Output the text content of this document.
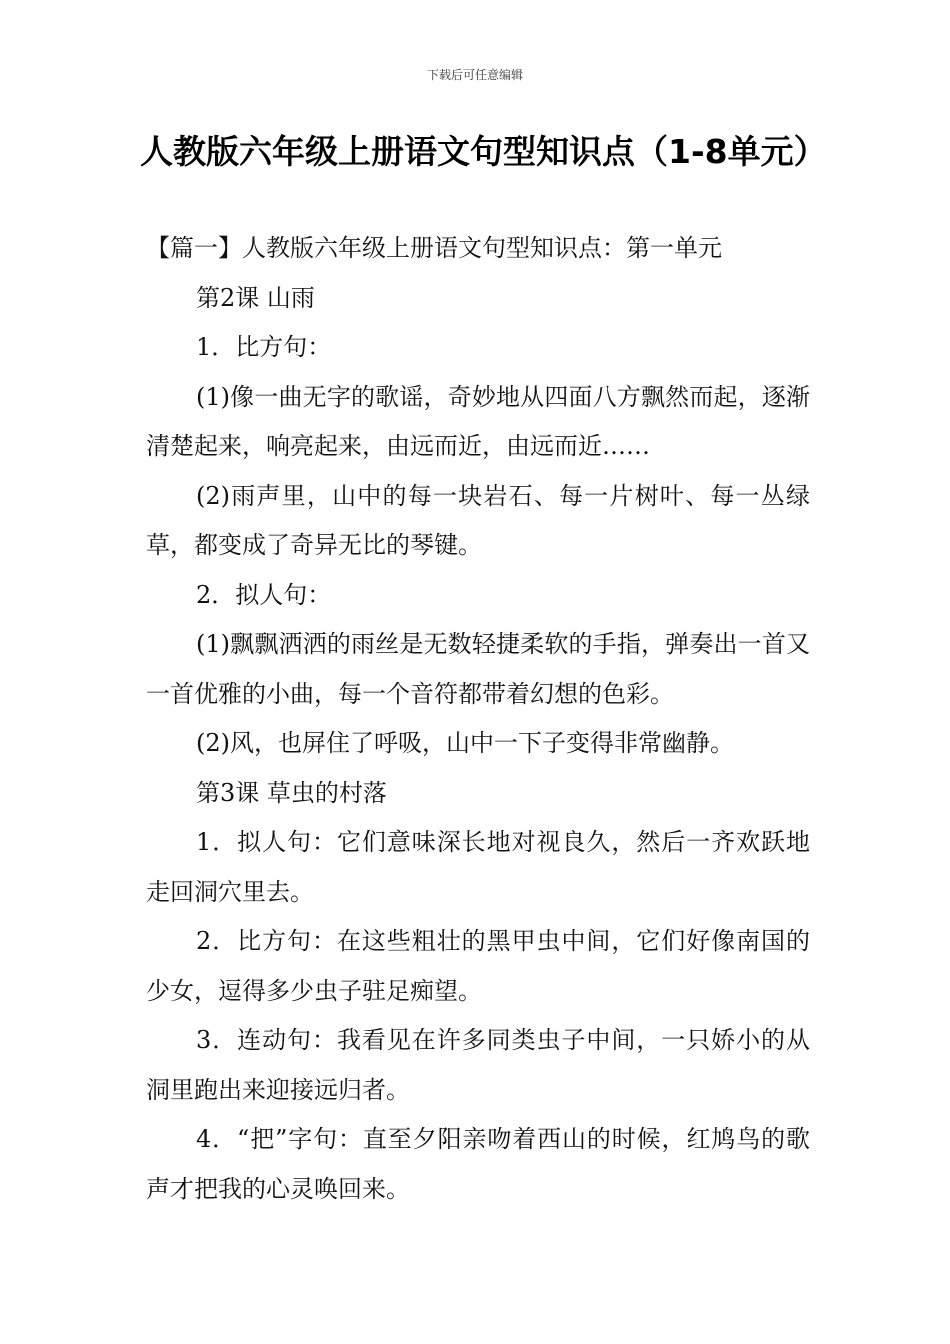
下载后可任意编辑
人教版六年级上册语文句型知识点（1-8单元）

【篇一】人教版六年级上册语文句型知识点：第一单元

第2课 山雨

1．比方句：

(1)像一曲无字的歌谣，奇妙地从四面八方飘然而起，逐渐清楚起来，响亮起来，由远而近，由远而近……

(2)雨声里，山中的每一块岩石、每一片树叶、每一丛绿草，都变成了奇异无比的琴键。

2．拟人句：

(1)飘飘洒洒的雨丝是无数轻捷柔软的手指，弹奏出一首又一首优雅的小曲，每一个音符都带着幻想的色彩。

(2)风，也屏住了呼吸，山中一下子变得非常幽静。

第3课 草虫的村落

1．拟人句：它们意味深长地对视良久，然后一齐欢跃地走回洞穴里去。

2．比方句：在这些粗壮的黑甲虫中间，它们好像南国的少女，逗得多少虫子驻足痴望。

3．连动句：我看见在许多同类虫子中间，一只娇小的从洞里跑出来迎接远归者。

4．“把”字句：直至夕阳亲吻着西山的时候，红鸠鸟的歌声才把我的心灵唤回来。
